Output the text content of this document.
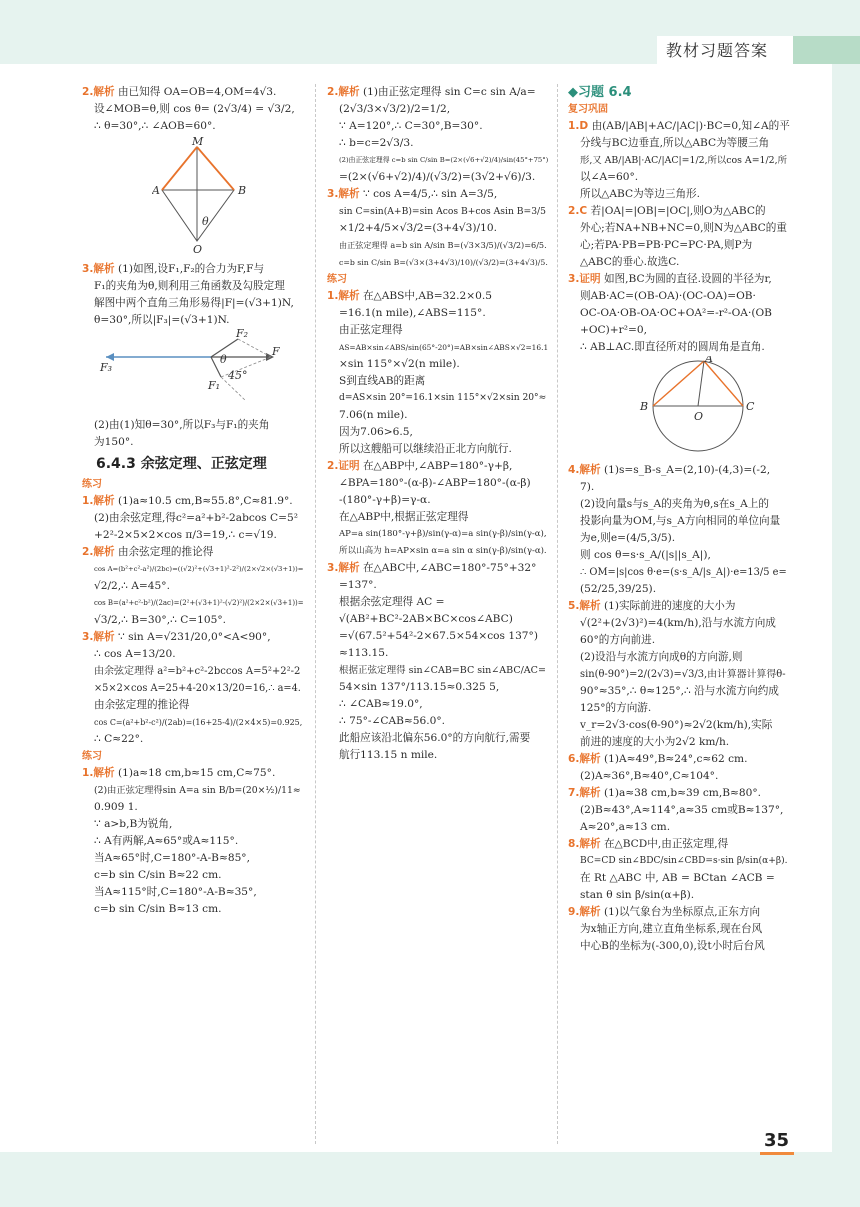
教材习题答案
35
2.解析 由已知得 OA=OB=4,OM=4√3.
设∠MOB=θ,则 cos θ= (2√3/4) = √3/2,
∴ θ=30°,∴ ∠AOB=60°.
M
A	B
O
θ
3.解析 (1)如图,设F₁,F₂的合力为F,F与
F₁的夹角为θ,则利用三角函数及勾股定理
解图中两个直角三角形易得|F|=(√3+1)N,
θ=30°,所以|F₃|=(√3+1)N.
F₃
F
F₂
F₁
θ
45°
(2)由(1)知θ=30°,所以F₃与F₁的夹角
为150°.
6.4.3 余弦定理、正弦定理
练习
1.解析 (1)a≈10.5 cm,B≈55.8°,C≈81.9°.
(2)由余弦定理,得c²=a²+b²-2abcos C=5²
+2²-2×5×2×cos π/3=19,∴ c=√19.
2.解析 由余弦定理的推论得
cos A=(b²+c²-a²)/(2bc)=((√2)²+(√3+1)²-2²)/(2×√2×(√3+1))=
√2/2,∴ A=45°.
cos B=(a²+c²-b²)/(2ac)=(2²+(√3+1)²-(√2)²)/(2×2×(√3+1))=
√3/2,∴ B=30°,∴ C=105°.
3.解析 ∵ sin A=√231/20,0°<A<90°,
∴ cos A=13/20.
由余弦定理得 a²=b²+c²-2bccos A=5²+2²-2
×5×2×cos A=25+4-20×13/20=16,∴ a=4.
由余弦定理的推论得
cos C=(a²+b²-c²)/(2ab)=(16+25-4)/(2×4×5)=0.925,
∴ C≈22°.
练习
1.解析 (1)a≈18 cm,b≈15 cm,C≈75°.
(2)由正弦定理得sin A=a sin B/b=(20×½)/11≈
0.909 1.
∵ a>b,B为锐角,
∴ A有两解,A≈65°或A≈115°.
当A≈65°时,C=180°-A-B≈85°,
c=b sin C/sin B≈22 cm.
当A≈115°时,C=180°-A-B≈35°,
c=b sin C/sin B≈13 cm.
2.解析 (1)由正弦定理得 sin C=c sin A/a=
(2√3/3×√3/2)/2=1/2,
∵ A=120°,∴ C=30°,B=30°.
∴ b=c=2√3/3.
(2)由正弦定理得 c=b sin C/sin B=(2×(√6+√2)/4)/sin(45°+75°)
=(2×(√6+√2)/4)/(√3/2)=(3√2+√6)/3.
3.解析 ∵ cos A=4/5,∴ sin A=3/5,
sin C=sin(A+B)=sin Acos B+cos Asin B=3/5
×1/2+4/5×√3/2=(3+4√3)/10.
由正弦定理得 a=b sin A/sin B=(√3×3/5)/(√3/2)=6/5.
c=b sin C/sin B=(√3×(3+4√3)/10)/(√3/2)=(3+4√3)/5.
练习
1.解析 在△ABS中,AB=32.2×0.5
=16.1(n mile),∠ABS=115°.
由正弦定理得
AS=AB×sin∠ABS/sin(65°-20°)=AB×sin∠ABS×√2=16.1
×sin 115°×√2(n mile).
S到直线AB的距离
d=AS×sin 20°=16.1×sin 115°×√2×sin 20°≈
7.06(n mile).
因为7.06>6.5,
所以这艘船可以继续沿正北方向航行.
2.证明 在△ABP中,∠ABP=180°-γ+β,
∠BPA=180°-(α-β)-∠ABP=180°-(α-β)
-(180°-γ+β)=γ-α.
在△ABP中,根据正弦定理得
AP=a sin(180°-γ+β)/sin(γ-α)=a sin(γ-β)/sin(γ-α),
所以山高为 h=AP×sin α=a sin α sin(γ-β)/sin(γ-α).
3.解析 在△ABC中,∠ABC=180°-75°+32°
=137°.
根据余弦定理得 AC =
√(AB²+BC²-2AB×BC×cos∠ABC)
=√(67.5²+54²-2×67.5×54×cos 137°)
≈113.15.
根据正弦定理得 sin∠CAB=BC sin∠ABC/AC=
54×sin 137°/113.15≈0.325 5,
∴ ∠CAB≈19.0°,
∴ 75°-∠CAB≈56.0°.
此船应该沿北偏东56.0°的方向航行,需要
航行113.15 n mile.
◆习题 6.4
复习巩固
1.D 由(AB/|AB|+AC/|AC|)·BC=0,知∠A的平
分线与BC边垂直,所以△ABC为等腰三角
形,又 AB/|AB|·AC/|AC|=1/2,所以cos A=1/2,所
以∠A=60°.
所以△ABC为等边三角形.
2.C 若|OA|=|OB|=|OC|,则O为△ABC的
外心;若NA+NB+NC=0,则N为△ABC的重
心;若PA·PB=PB·PC=PC·PA,则P为
△ABC的垂心.故选C.
3.证明 如图,BC为圆的直径.设圆的半径为r,
则AB·AC=(OB-OA)·(OC-OA)=OB·
OC-OA·OB-OA·OC+OA²=-r²-OA·(OB
+OC)+r²=0,
∴ AB⊥AC.即直径所对的圆周角是直角.
A
B	C
O
4.解析 (1)s=s_B-s_A=(2,10)-(4,3)=(-2,
7).
(2)设向量s与s_A的夹角为θ,s在s_A上的
投影向量为OM,与s_A方向相同的单位向量
为e,则e=(4/5,3/5).
则 cos θ=s·s_A/(|s||s_A|),
∴ OM=|s|cos θ·e=(s·s_A/|s_A|)·e=13/5 e=
(52/25,39/25).
5.解析 (1)实际前进的速度的大小为
√(2²+(2√3)²)=4(km/h),沿与水流方向成
60°的方向前进.
(2)设沿与水流方向成θ的方向游,则
sin(θ-90°)=2/(2√3)=√3/3,由计算器计算得θ-
90°≈35°,∴ θ≈125°,∴ 沿与水流方向约成
125°的方向游.
v_r=2√3·cos(θ-90°)≈2√2(km/h),实际
前进的速度的大小为2√2 km/h.
6.解析 (1)A≈49°,B≈24°,c≈62 cm.
(2)A≈36°,B≈40°,C≈104°.
7.解析 (1)a≈38 cm,b≈39 cm,B≈80°.
(2)B≈43°,A≈114°,a≈35 cm或B≈137°,
A≈20°,a≈13 cm.
8.解析 在△BCD中,由正弦定理,得
BC=CD sin∠BDC/sin∠CBD=s·sin β/sin(α+β).
在 Rt △ABC 中, AB = BCtan ∠ACB =
stan θ sin β/sin(α+β).
9.解析 (1)以气象台为坐标原点,正东方向
为x轴正方向,建立直角坐标系,现在台风
中心B的坐标为(-300,0),设t小时后台风
